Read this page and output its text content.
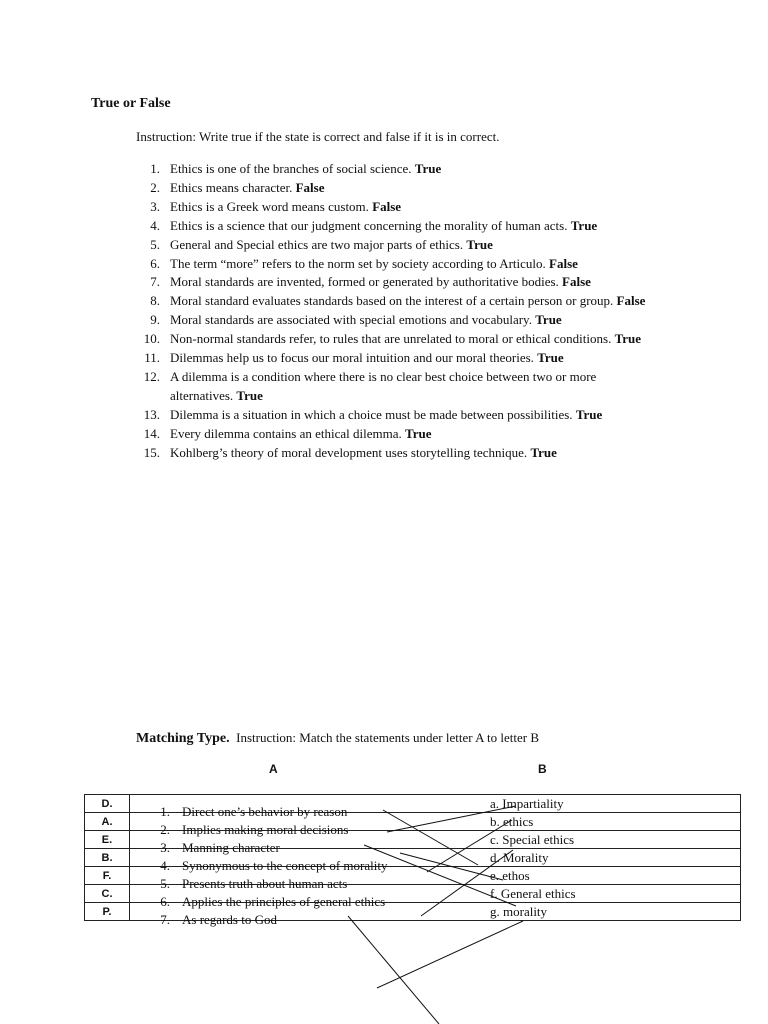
True or False
Instruction: Write true if the state is correct and false if it is in correct.
1. Ethics is one of the branches of social science. True
2. Ethics means character. False
3. Ethics is a Greek word means custom. False
4. Ethics is a science that our judgment concerning the morality of human acts. True
5. General and Special ethics are two major parts of ethics. True
6. The term “more” refers to the norm set by society according to Articulo. False
7. Moral standards are invented, formed or generated by authoritative bodies. False
8. Moral standard evaluates standards based on the interest of a certain person or group. False
9. Moral standards are associated with special emotions and vocabulary. True
10. Non-normal standards refer, to rules that are unrelated to moral or ethical conditions. True
11. Dilemmas help us to focus our moral intuition and our moral theories. True
12. A dilemma is a condition where there is no clear best choice between two or more
alternatives. True
13. Dilemma is a situation in which a choice must be made between possibilities. True
14. Every dilemma contains an ethical dilemma. True
15. Kohlberg’s theory of moral development uses storytelling technique. True
Matching Type. Instruction: Match the statements under letter A to letter B
A	B
D.	1. Direct one’s behavior by reason	a. Impartiality
A.	2. Implies making moral decisions	b. ethics
E.	3. Manning character	c. Special ethics
B.	4. Synonymous to the concept of morality	d. Morality
F.	5. Presents truth about human acts	e. ethos
C.	6. Applies the principles of general ethics	f. General ethics
P.	7. As regards to God	g. morality
